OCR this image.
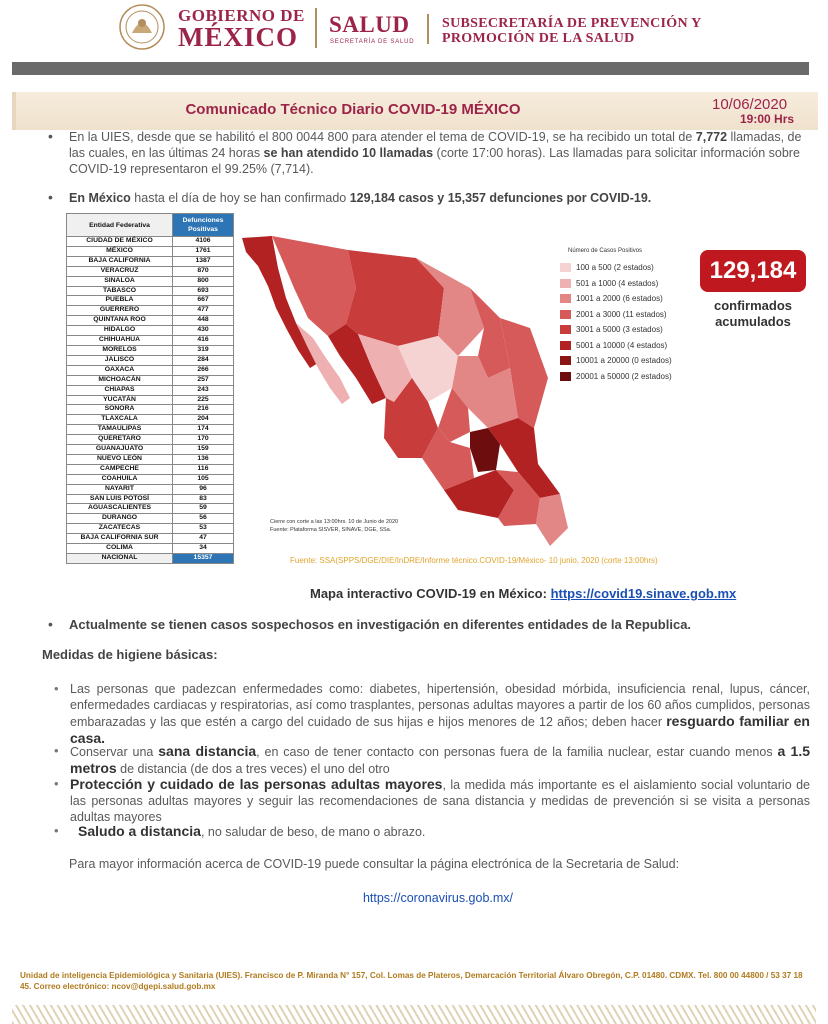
GOBIERNO DE
MÉXICO SALUD
SECRETARÍA DE SALUD
SUBSECRETARÍA DE PREVENCIÓN Y
PROMOCIÓN DE LA SALUD
Comunicado Técnico Diario COVID-19 MÉXICO	10/06/2020
19:00 Hrs
• En la UIES, desde que se habilitó el 800 0044 800 para atender el tema de COVID-19, se ha recibido un total de 7,772 llamadas, de las cuales, en las últimas 24 horas se han atendido 10 llamadas (corte 17:00 horas). Las llamadas para solicitar información sobre COVID-19 representaron el 99.25% (7,714).
• En México hasta el día de hoy se han confirmado 129,184 casos y 15,357 defunciones por COVID-19.
Entidad Federativa	Defunciones Positivas
CIUDAD DE MÉXICO	4106
MÉXICO	1761
BAJA CALIFORNIA	1387
VERACRUZ	870
SINALOA	800
TABASCO	693
PUEBLA	667
GUERRERO	477
QUINTANA ROO	448
HIDALGO	430
CHIHUAHUA	416
MORELOS	319
JALISCO	284
OAXACA	266
MICHOACÁN	257
CHIAPAS	243
YUCATÁN	225
SONORA	216
TLAXCALA	204
TAMAULIPAS	174
QUERETARO	170
GUANAJUATO	159
NUEVO LEÓN	136
CAMPECHE	116
COAHUILA	105
NAYARIT	96
SAN LUIS POTOSÍ	83
AGUASCALIENTES	59
DURANGO	56
ZACATECAS	53
BAJA CALIFORNIA SUR	47
COLIMA	34
NACIONAL	15357
Número de Casos Positivos
100 a 500 (2 estados)
501 a 1000 (4 estados)
1001 a 2000 (6 estados)
2001 a 3000 (11 estados)
3001 a 5000 (3 estados)
5001 a 10000 (4 estados)
10001 a 20000 (0 estados)
20001 a 50000 (2 estados)
129,184
confirmados
acumulados
Cierre con corte a las 13:00hrs. 10 de Junio de 2020
Fuente: Plataforma SISVER, SINAVE, DGE, SSa.
Fuente: SSA(SPPS/DGE/DIE/InDRE/Informe técnico.COVID-19/México- 10 junio, 2020 (corte 13:00hrs)
Mapa interactivo COVID-19 en México: https://covid19.sinave.gob.mx
• Actualmente se tienen casos sospechosos en investigación en diferentes entidades de la Republica.
Medidas de higiene básicas:
• Las personas que padezcan enfermedades como: diabetes, hipertensión, obesidad mórbida, insuficiencia renal, lupus, cáncer, enfermedades cardiacas y respiratorias, así como trasplantes, personas adultas mayores a partir de los 60 años cumplidos, personas embarazadas y las que estén a cargo del cuidado de sus hijas e hijos menores de 12 años; deben hacer resguardo familiar en casa.
• Conservar una sana distancia, en caso de tener contacto con personas fuera de la familia nuclear, estar cuando menos a 1.5 metros de distancia (de dos a tres veces) el uno del otro
• Protección y cuidado de las personas adultas mayores, la medida más importante es el aislamiento social voluntario de las personas adultas mayores y seguir las recomendaciones de sana distancia y medidas de prevención si se visita a personas adultas mayores
• Saludo a distancia, no saludar de beso, de mano o abrazo.
Para mayor información acerca de COVID-19 puede consultar la página electrónica de la Secretaria de Salud:
https://coronavirus.gob.mx/
Unidad de inteligencia Epidemiológica y Sanitaria (UIES). Francisco de P. Miranda N° 157, Col. Lomas de Plateros, Demarcación Territorial Álvaro Obregón, C.P. 01480. CDMX. Tel. 800 00 44800 / 53 37 18 45. Correo electrónico: ncov@dgepi.salud.gob.mx
